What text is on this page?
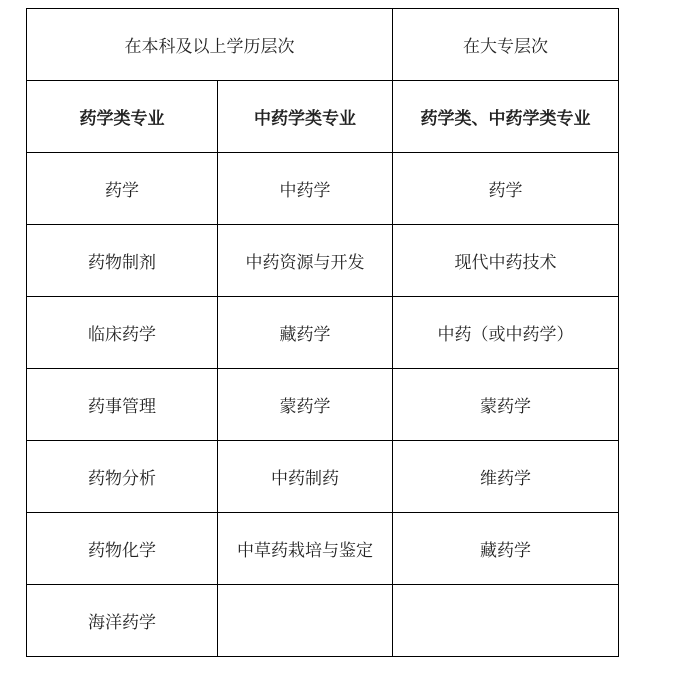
在本科及以上学历层次		在大专层次
药学类专业	中药学类专业	药学类、中药学类专业
药学	中药学	药学
药物制剂	中药资源与开发	现代中药技术
临床药学	藏药学	中药（或中药学）
药事管理	蒙药学	蒙药学
药物分析	中药制药	维药学
药物化学	中草药栽培与鉴定	藏药学
海洋药学		
